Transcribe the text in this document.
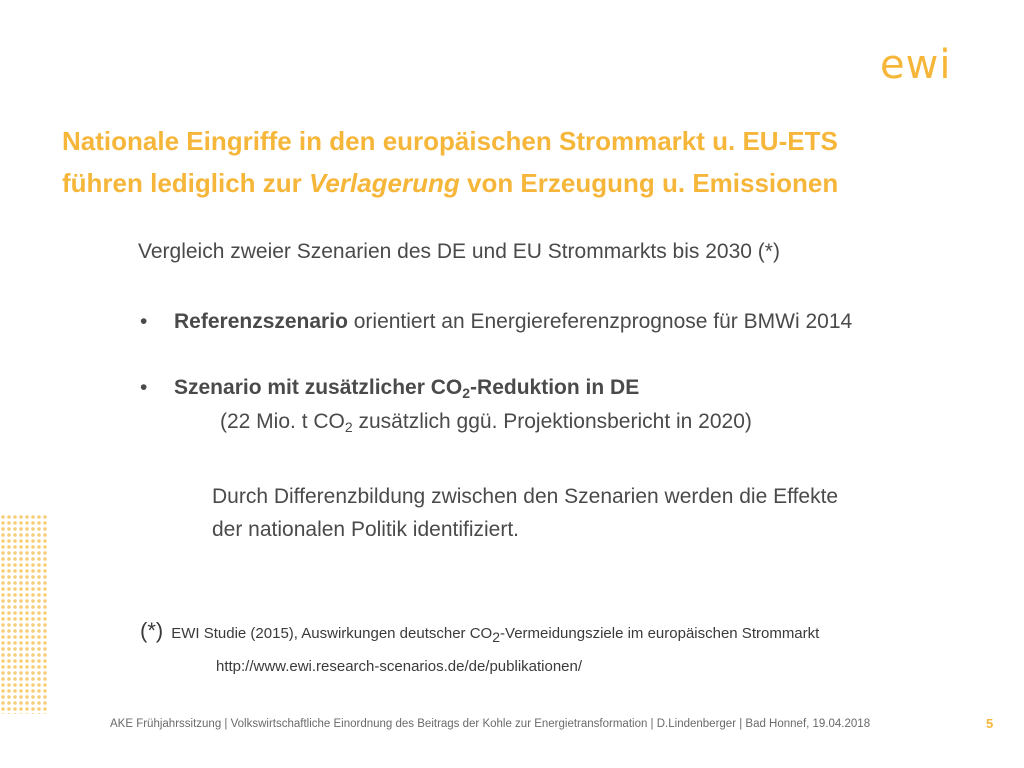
ewi
Nationale Eingriffe in den europäischen Strommarkt u. EU-ETS
führen lediglich zur Verlagerung von Erzeugung u. Emissionen
Vergleich zweier Szenarien des DE und EU Strommarkts bis 2030 (*)
• Referenzszenario orientiert an Energiereferenzprognose für BMWi 2014
• Szenario mit zusätzlicher $CO_2$-Reduktion in DE
(22 Mio. t $CO_2$ zusätzlich ggü. Projektionsbericht in 2020)
Durch Differenzbildung zwischen den Szenarien werden die Effekte
der nationalen Politik identifiziert.
(*) EWI Studie (2015), Auswirkungen deutscher $CO_2$-Vermeidungsziele im europäischen Strommarkt
http://www.ewi.research-scenarios.de/de/publikationen/
AKE Frühjahrssitzung | Volkswirtschaftliche Einordnung des Beitrags der Kohle zur Energietransformation | D.Lindenberger | Bad Honnef, 19.04.2018	5
